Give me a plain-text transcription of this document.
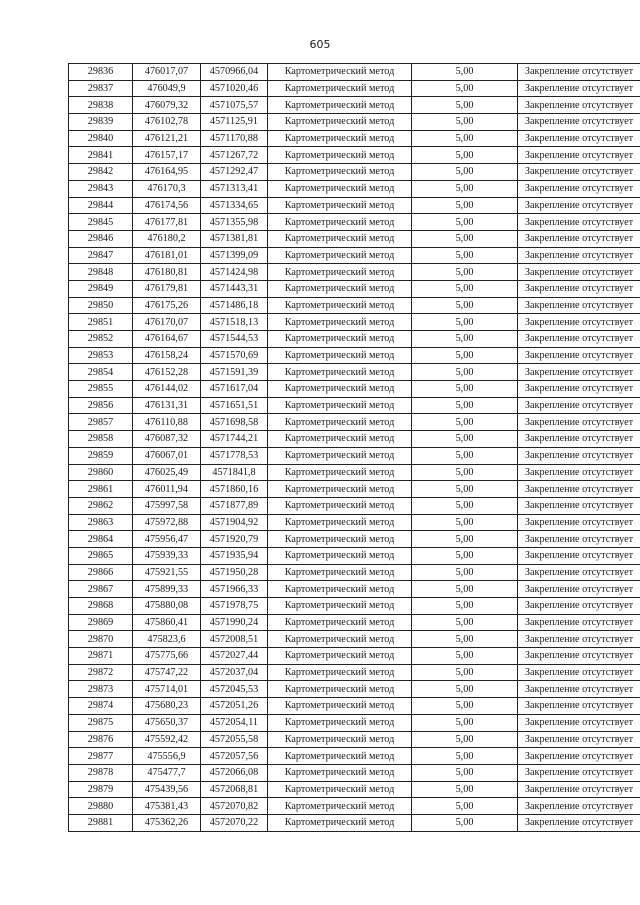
605
29836	476017,07	4570966,04	Картометрический метод	5,00	Закрепление отсутствует
29837	476049,9	4571020,46	Картометрический метод	5,00	Закрепление отсутствует
29838	476079,32	4571075,57	Картометрический метод	5,00	Закрепление отсутствует
29839	476102,78	4571125,91	Картометрический метод	5,00	Закрепление отсутствует
29840	476121,21	4571170,88	Картометрический метод	5,00	Закрепление отсутствует
29841	476157,17	4571267,72	Картометрический метод	5,00	Закрепление отсутствует
29842	476164,95	4571292,47	Картометрический метод	5,00	Закрепление отсутствует
29843	476170,3	4571313,41	Картометрический метод	5,00	Закрепление отсутствует
29844	476174,56	4571334,65	Картометрический метод	5,00	Закрепление отсутствует
29845	476177,81	4571355,98	Картометрический метод	5,00	Закрепление отсутствует
29846	476180,2	4571381,81	Картометрический метод	5,00	Закрепление отсутствует
29847	476181,01	4571399,09	Картометрический метод	5,00	Закрепление отсутствует
29848	476180,81	4571424,98	Картометрический метод	5,00	Закрепление отсутствует
29849	476179,81	4571443,31	Картометрический метод	5,00	Закрепление отсутствует
29850	476175,26	4571486,18	Картометрический метод	5,00	Закрепление отсутствует
29851	476170,07	4571518,13	Картометрический метод	5,00	Закрепление отсутствует
29852	476164,67	4571544,53	Картометрический метод	5,00	Закрепление отсутствует
29853	476158,24	4571570,69	Картометрический метод	5,00	Закрепление отсутствует
29854	476152,28	4571591,39	Картометрический метод	5,00	Закрепление отсутствует
29855	476144,02	4571617,04	Картометрический метод	5,00	Закрепление отсутствует
29856	476131,31	4571651,51	Картометрический метод	5,00	Закрепление отсутствует
29857	476110,88	4571698,58	Картометрический метод	5,00	Закрепление отсутствует
29858	476087,32	4571744,21	Картометрический метод	5,00	Закрепление отсутствует
29859	476067,01	4571778,53	Картометрический метод	5,00	Закрепление отсутствует
29860	476025,49	4571841,8	Картометрический метод	5,00	Закрепление отсутствует
29861	476011,94	4571860,16	Картометрический метод	5,00	Закрепление отсутствует
29862	475997,58	4571877,89	Картометрический метод	5,00	Закрепление отсутствует
29863	475972,88	4571904,92	Картометрический метод	5,00	Закрепление отсутствует
29864	475956,47	4571920,79	Картометрический метод	5,00	Закрепление отсутствует
29865	475939,33	4571935,94	Картометрический метод	5,00	Закрепление отсутствует
29866	475921,55	4571950,28	Картометрический метод	5,00	Закрепление отсутствует
29867	475899,33	4571966,33	Картометрический метод	5,00	Закрепление отсутствует
29868	475880,08	4571978,75	Картометрический метод	5,00	Закрепление отсутствует
29869	475860,41	4571990,24	Картометрический метод	5,00	Закрепление отсутствует
29870	475823,6	4572008,51	Картометрический метод	5,00	Закрепление отсутствует
29871	475775,66	4572027,44	Картометрический метод	5,00	Закрепление отсутствует
29872	475747,22	4572037,04	Картометрический метод	5,00	Закрепление отсутствует
29873	475714,01	4572045,53	Картометрический метод	5,00	Закрепление отсутствует
29874	475680,23	4572051,26	Картометрический метод	5,00	Закрепление отсутствует
29875	475650,37	4572054,11	Картометрический метод	5,00	Закрепление отсутствует
29876	475592,42	4572055,58	Картометрический метод	5,00	Закрепление отсутствует
29877	475556,9	4572057,56	Картометрический метод	5,00	Закрепление отсутствует
29878	475477,7	4572066,08	Картометрический метод	5,00	Закрепление отсутствует
29879	475439,56	4572068,81	Картометрический метод	5,00	Закрепление отсутствует
29880	475381,43	4572070,82	Картометрический метод	5,00	Закрепление отсутствует
29881	475362,26	4572070,22	Картометрический метод	5,00	Закрепление отсутствует
